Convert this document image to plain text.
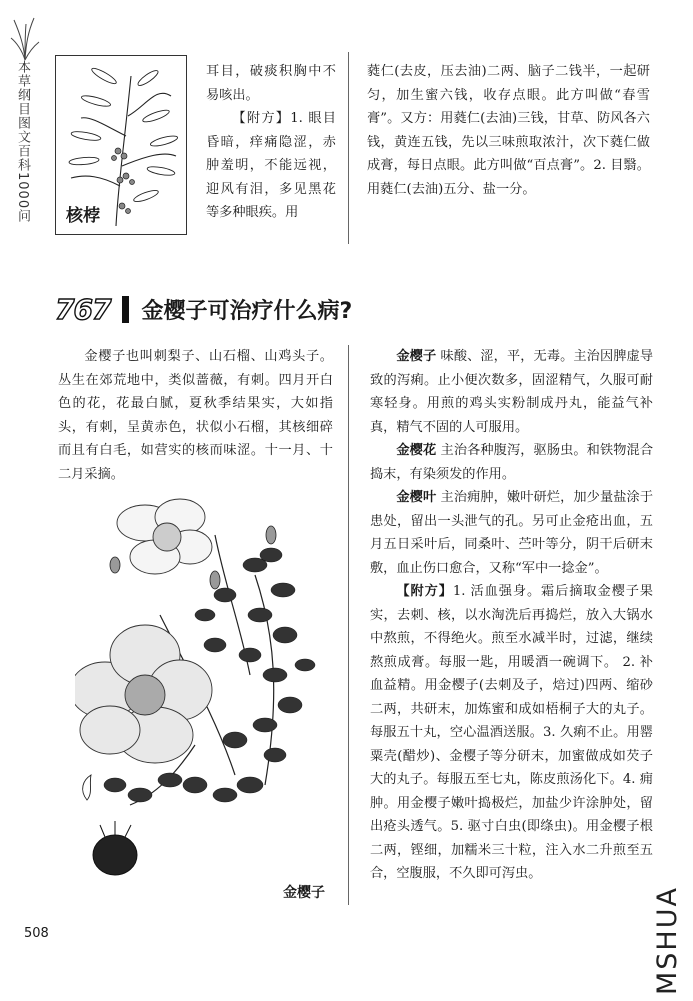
本草纲目图文百科1000问 核桲
耳目，破痰积胸中不易咳出。
【附方】1. 眼目昏暗，痒痛隐涩，赤肿羞明，不能远视，迎风有泪，多见黑花等多种眼疾。用
蕤仁(去皮，压去油)二两、脑子二钱半，一起研匀，加生蜜六钱，收存点眼。此方叫做“春雪膏”。又方：用蕤仁(去油)三钱，甘草、防风各六钱，黄连五钱，先以三味煎取浓汁，次下蕤仁做成膏，每日点眼。此方叫做“百点膏”。2. 目翳。用蕤仁(去油)五分、盐一分。
767 金樱子可治疗什么病?
金樱子也叫刺梨子、山石榴、山鸡头子。丛生在郊荒地中，类似蔷薇，有刺。四月开白色的花，花最白腻，夏秋季结果实，大如指头，有刺，呈黄赤色，状似小石榴，其核细碎而且有白毛，如营实的核而味涩。十一月、十二月采摘。
金樱子
金樱子 味酸、涩，平，无毒。主治因脾虚导致的泻痢。止小便次数多，固涩精气，久服可耐寒轻身。用煎的鸡头实粉制成丹丸，能益气补真，精气不固的人可服用。
金樱花 主治各种腹泻，驱肠虫。和铁物混合捣末，有染须发的作用。
金樱叶 主治痈肿，嫩叶研烂，加少量盐涂于患处，留出一头泄气的孔。另可止金疮出血，五月五日采叶后，同桑叶、苎叶等分，阴干后研末敷，血止伤口愈合，又称“军中一捻金”。
【附方】1. 活血强身。霜后摘取金樱子果实，去刺、核，以水淘洗后再捣烂，放入大锅水中熬煎，不得绝火。煎至水减半时，过滤，继续熬煎成膏。每服一匙，用暖酒一碗调下。 2. 补血益精。用金樱子(去刺及子，焙过)四两、缩砂二两，共研末，加炼蜜和成如梧桐子大的丸子。每服五十丸，空心温酒送服。3. 久痢不止。用罂粟壳(醋炒)、金樱子等分研末，加蜜做成如芡子大的丸子。每服五至七丸，陈皮煎汤化下。4. 痈肿。用金樱子嫩叶捣极烂，加盐少许涂肿处，留出疮头透气。5. 驱寸白虫(即绦虫)。用金樱子根二两，铿细，加糯米三十粒，注入水二升煎至五合，空腹服，不久即可泻虫。
508	MSHUA
